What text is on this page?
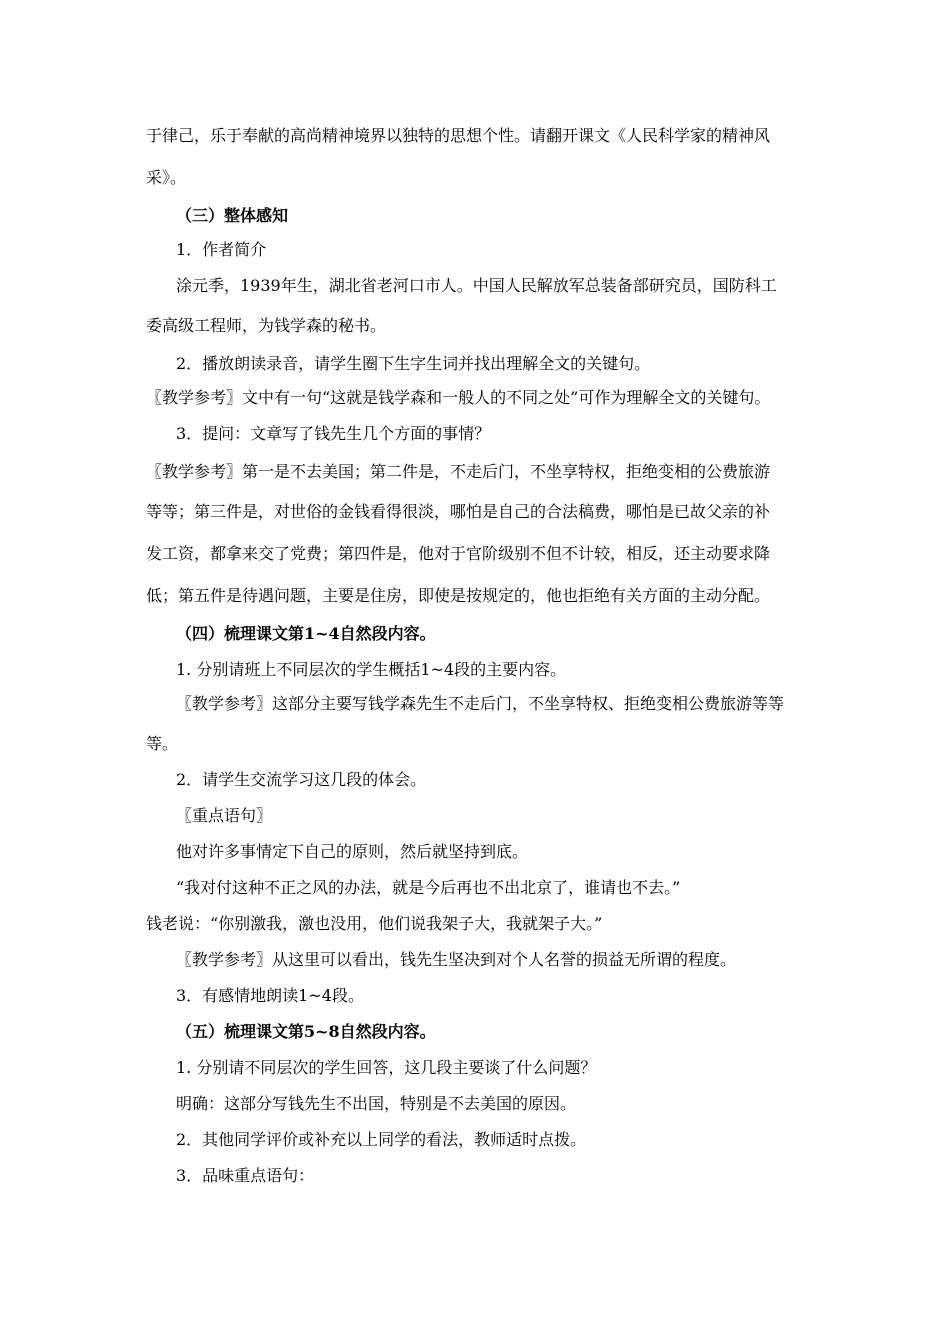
于律己，乐于奉献的高尚精神境界以独特的思想个性。请翻开课文《人民科学家的精神风
采》。
（三）整体感知
1．作者简介
涂元季，1939年生，湖北省老河口市人。中国人民解放军总装备部研究员，国防科工
委高级工程师，为钱学森的秘书。
2．播放朗读录音，请学生圈下生字生词并找出理解全文的关键句。
〖教学参考〗文中有一句“这就是钱学森和一般人的不同之处”可作为理解全文的关键句。
3．提问：文章写了钱先生几个方面的事情？
〖教学参考〗第一是不去美国；第二件是，不走后门，不坐享特权，拒绝变相的公费旅游
等等；第三件是，对世俗的金钱看得很淡，哪怕是自己的合法稿费，哪怕是已故父亲的补
发工资，都拿来交了党费；第四件是，他对于官阶级别不但不计较，相反，还主动要求降
低；第五件是待遇问题，主要是住房，即使是按规定的，他也拒绝有关方面的主动分配。
（四）梳理课文第1~4自然段内容。
1. 分别请班上不同层次的学生概括1~4段的主要内容。
〖教学参考〗这部分主要写钱学森先生不走后门，不坐享特权、拒绝变相公费旅游等等
等。
2．请学生交流学习这几段的体会。
〖重点语句〗
他对许多事情定下自己的原则，然后就坚持到底。
“我对付这种不正之风的办法，就是今后再也不出北京了，谁请也不去。”
钱老说：“你别激我，激也没用，他们说我架子大，我就架子大。”
〖教学参考〗从这里可以看出，钱先生坚决到对个人名誉的损益无所谓的程度。
3．有感情地朗读1~4段。
（五）梳理课文第5~8自然段内容。
1. 分别请不同层次的学生回答，这几段主要谈了什么问题？
明确：这部分写钱先生不出国，特别是不去美国的原因。
2．其他同学评价或补充以上同学的看法，教师适时点拨。
3．品味重点语句：
